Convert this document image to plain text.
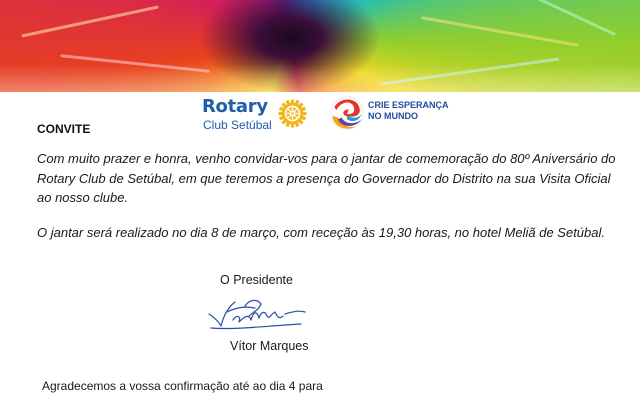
Rotary
Club Setúbal
CRIE ESPERANÇA
NO MUNDO
CONVITE

Com muito prazer e honra, venho convidar-vos para o jantar de comemoração do 80º Aniversário do Rotary Club de Setúbal, em que teremos a presença do Governador do Distrito na sua Visita Oficial ao nosso clube.

O jantar será realizado no dia 8 de março, com receção às 19,30 horas, no hotel Meliã de Setúbal.

O Presidente
Vítor Marques
Agradecemos a vossa confirmação até ao dia 4 para
